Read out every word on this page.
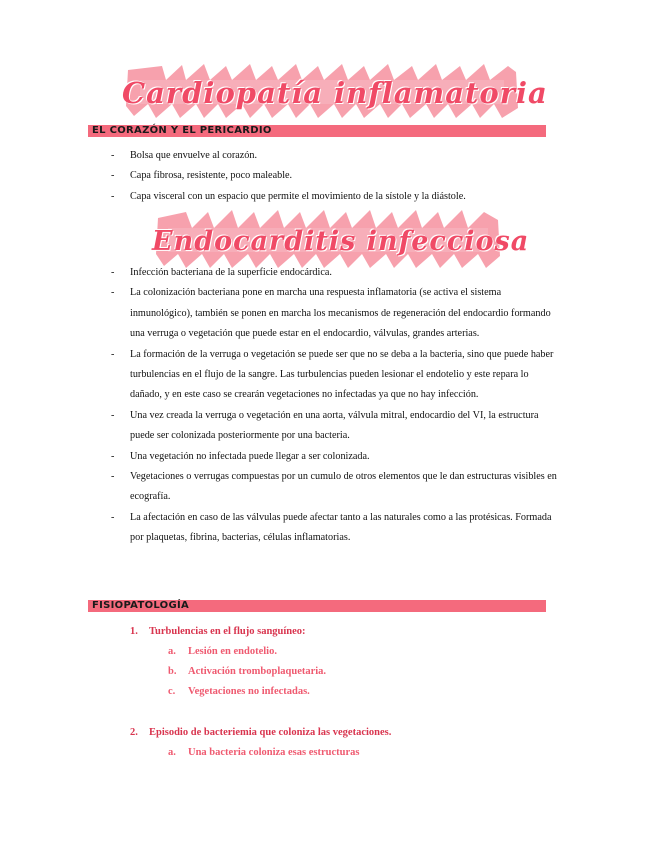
Cardiopatía inflamatoria
EL CORAZÓN Y EL PERICARDIO
- Bolsa que envuelve al corazón.
- Capa fibrosa, resistente, poco maleable.
- Capa visceral con un espacio que permite el movimiento de la sístole y la diástole.
Endocarditis infecciosa
- Infección bacteriana de la superficie endocárdica.
- La colonización bacteriana pone en marcha una respuesta inflamatoria (se activa el sistema inmunológico), también se ponen en marcha los mecanismos de regeneración del endocardio formando una verruga o vegetación que puede estar en el endocardio, válvulas, grandes arterias.
- La formación de la verruga o vegetación se puede ser que no se deba a la bacteria, sino que puede haber turbulencias en el flujo de la sangre. Las turbulencias pueden lesionar el endotelio y este repara lo dañado, y en este caso se crearán vegetaciones no infectadas ya que no hay infección.
- Una vez creada la verruga o vegetación en una aorta, válvula mitral, endocardio del VI, la estructura puede ser colonizada posteriormente por una bacteria.
- Una vegetación no infectada puede llegar a ser colonizada.
- Vegetaciones o verrugas compuestas por un cumulo de otros elementos que le dan estructuras visibles en ecografía.
- La afectación en caso de las válvulas puede afectar tanto a las naturales como a las protésicas. Formada por plaquetas, fibrina, bacterias, células inflamatorias.
FISIOPATOLOGÍA
1. Turbulencias en el flujo sanguíneo:
a. Lesión en endotelio.
b. Activación tromboplaquetaria.
c. Vegetaciones no infectadas.
2. Episodio de bacteriemia que coloniza las vegetaciones.
a. Una bacteria coloniza esas estructuras
